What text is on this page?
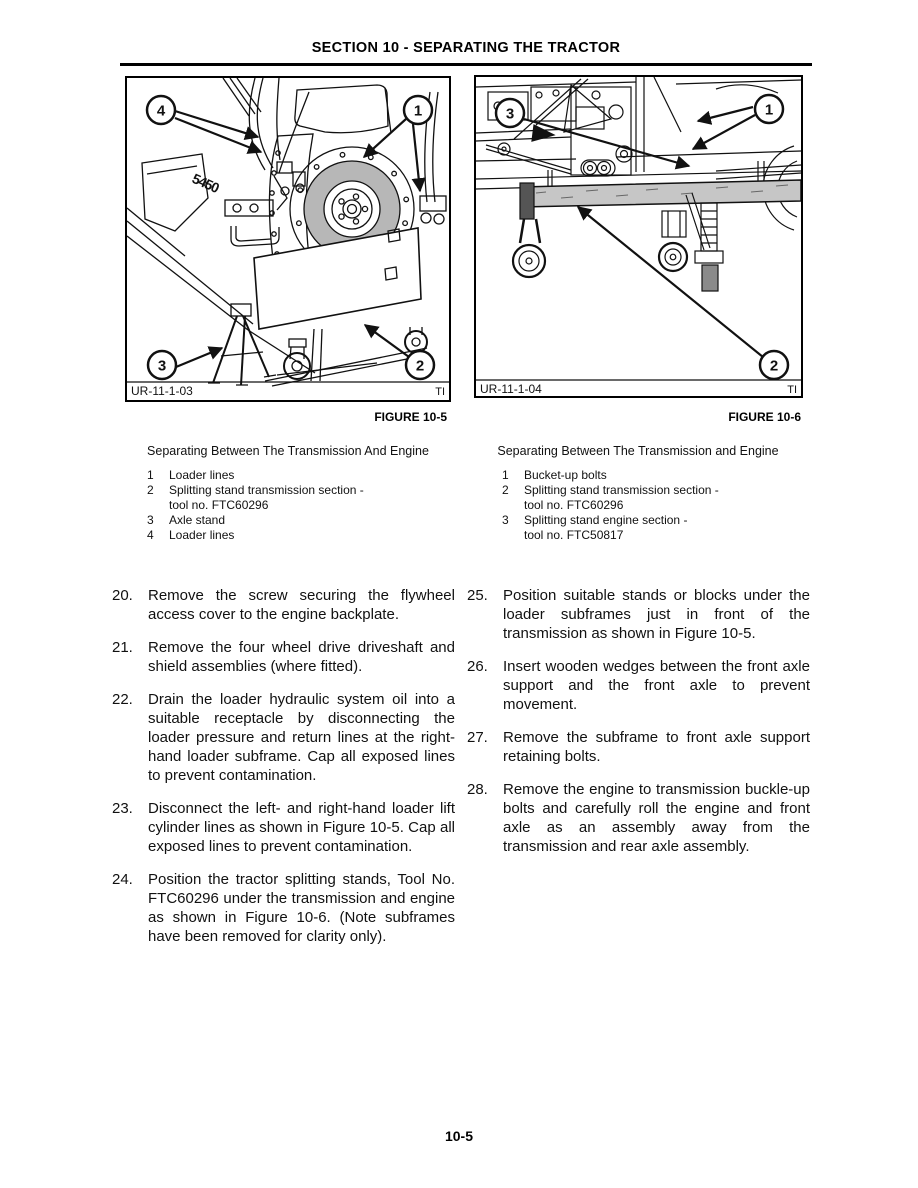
SECTION 10 - SEPARATING THE TRACTOR
5450
4	1
3	2
UR-11-1-03	TI
3	1
2
UR-11-1-04	TI
FIGURE 10-5	FIGURE 10-6
Separating Between The Transmission And Engine	Separating Between The Transmission and Engine
1	Loader lines
2	Splitting stand transmission section -
tool no. FTC60296
3	Axle stand
4	Loader lines
1	Bucket-up bolts
2	Splitting stand transmission section -
tool no. FTC60296
3	Splitting stand engine section -
tool no. FTC50817
20.	Remove the screw securing the flywheel access cover to the engine backplate.
21.	Remove the four wheel drive driveshaft and shield assemblies (where fitted).
22.	Drain the loader hydraulic system oil into a suitable receptacle by disconnecting the loader pressure and return lines at the right-hand loader subframe. Cap all exposed lines to prevent contamination.
23.	Disconnect the left- and right-hand loader lift cylinder lines as shown in Figure 10-5. Cap all exposed lines to prevent contamination.
24.	Position the tractor splitting stands, Tool No. FTC60296 under the transmission and engine as shown in Figure 10-6. (Note subframes have been removed for clarity only).
25.	Position suitable stands or blocks under the loader subframes just in front of the transmission as shown in Figure 10-5.
26.	Insert wooden wedges between the front axle support and the front axle to prevent movement.
27.	Remove the subframe to front axle support retaining bolts.
28.	Remove the engine to transmission buckle-up bolts and carefully roll the engine and front axle as an assembly away from the transmission and rear axle assembly.
10-5
